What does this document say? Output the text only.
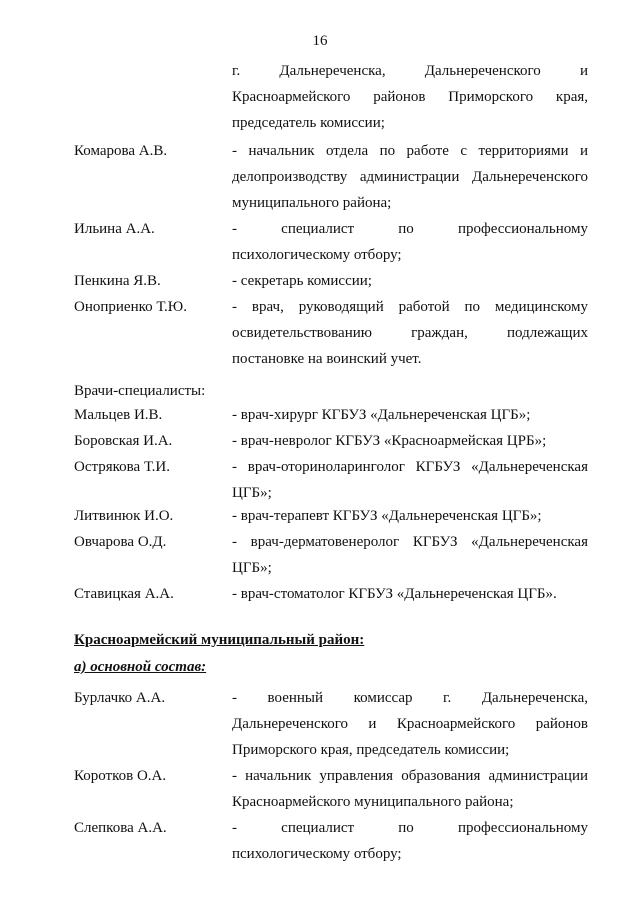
16
г. Дальнереченска, Дальнереченского и
Красноармейского районов Приморского края,
председатель комиссии;
Комарова А.В.	- начальник отдела по работе с территориями и
делопроизводству администрации Дальнереченского
муниципального района;
Ильина А.А.	- специалист по профессиональному
психологическому отбору;
Пенкина Я.В.	- секретарь комиссии;
Оноприенко Т.Ю.	- врач, руководящий работой по медицинскому
освидетельствованию граждан, подлежащих
постановке на воинский учет.
Мальцев И.В.	- врач-хирург КГБУЗ «Дальнереченская ЦГБ»;
Боровская И.А.	- врач-невролог КГБУЗ «Красноармейская ЦРБ»;
Острякова Т.И.	- врач-оториноларинголог КГБУЗ «Дальнереченская
ЦГБ»;
Литвинюк И.О.	- врач-терапевт КГБУЗ «Дальнереченская ЦГБ»;
Овчарова О.Д.	- врач-дерматовенеролог КГБУЗ «Дальнереченская
ЦГБ»;
Ставицкая А.А.	- врач-стоматолог КГБУЗ «Дальнереченская ЦГБ».
Бурлачко А.А.	- военный комиссар г. Дальнереченска,
Дальнереченского и Красноармейского районов
Приморского края, председатель комиссии;
Коротков О.А.	- начальник управления образования администрации
Красноармейского муниципального района;
Слепкова А.А.	- специалист по профессиональному
психологическому отбору;
Врачи-специалисты:
Красноармейский муниципальный район:
а) основной состав:
